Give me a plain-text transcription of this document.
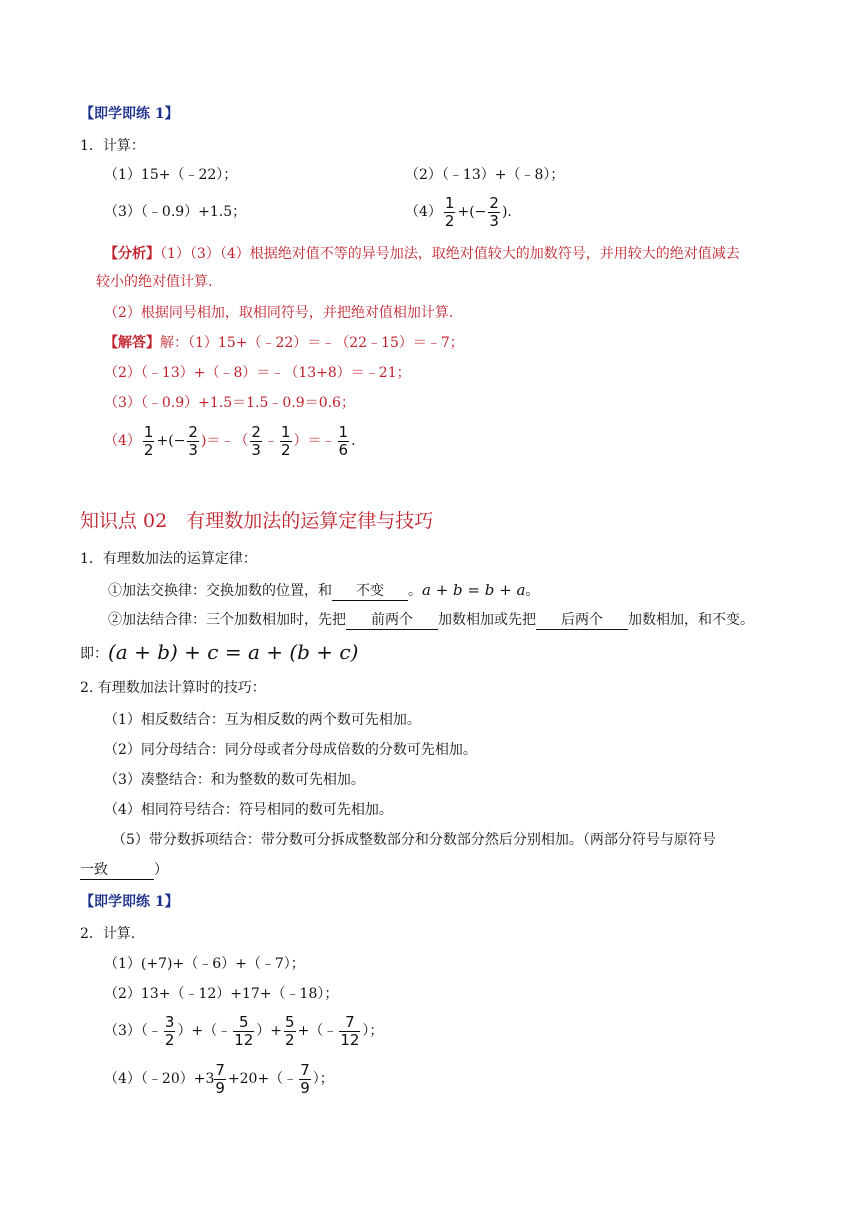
【即学即练 1】
1．计算：
（1）15+（﹣22）；	（2）（﹣13）+（﹣8）；
（3）（﹣0.9）+1.5；	$(4) \frac{1}{2}$ +(− $\frac{2}{3}$ ).
【分析】（1）（3）（4）根据绝对值不等的异号加法，取绝对值较大的加数符号，并用较大的绝对值减去
较小的绝对值计算.
（2）根据同号相加，取相同符号，并把绝对值相加计算.
【解答】解：（1）15+（﹣22）＝﹣（22﹣15）＝﹣7；
（2）（﹣13）+（﹣8）＝﹣（13+8）＝﹣21；
（3）（﹣0.9）+1.5＝1.5﹣0.9＝0.6；
$(4) \frac{1}{2}$ +(− $\frac{2}{3}$ )＝﹣（ $\frac{2}{3}$ ﹣ $\frac{1}{2}$ ）＝﹣ $\frac{1}{6}$ .
知识点 02　有理数加法的运算定律与技巧
1．有理数加法的运算定律：
①加法交换律：交换加数的位置，和 不变 。a + b = b + a。
②加法结合律：三个加数相加时，先把 前两个 加数相加或先把 后两个 加数相加，和不变。
即：(a + b) + c = a + (b + c)
2. 有理数加法计算时的技巧：
（1）相反数结合：互为相反数的两个数可先相加。
（2）同分母结合：同分母或者分母成倍数的分数可先相加。
（3）凑整结合：和为整数的数可先相加。
（4）相同符号结合：符号相同的数可先相加。
（5）带分数拆项结合：带分数可分拆成整数部分和分数部分然后分别相加。（两部分符号与原符号
一致	）
【即学即练 1】
2．计算.
（1）(+7)+（﹣6）+（﹣7）；
（2）13+（﹣12）+17+（﹣18）；
（3）（﹣ $\frac{3}{2}$ ）+（﹣ $\frac{5}{12}$ ）+ $\frac{5}{2}$ +（﹣ $\frac{7}{12}$ ）；
（4）（﹣20）+3 $\frac{7}{9}$ +20+（﹣ $\frac{7}{9}$ ）；
